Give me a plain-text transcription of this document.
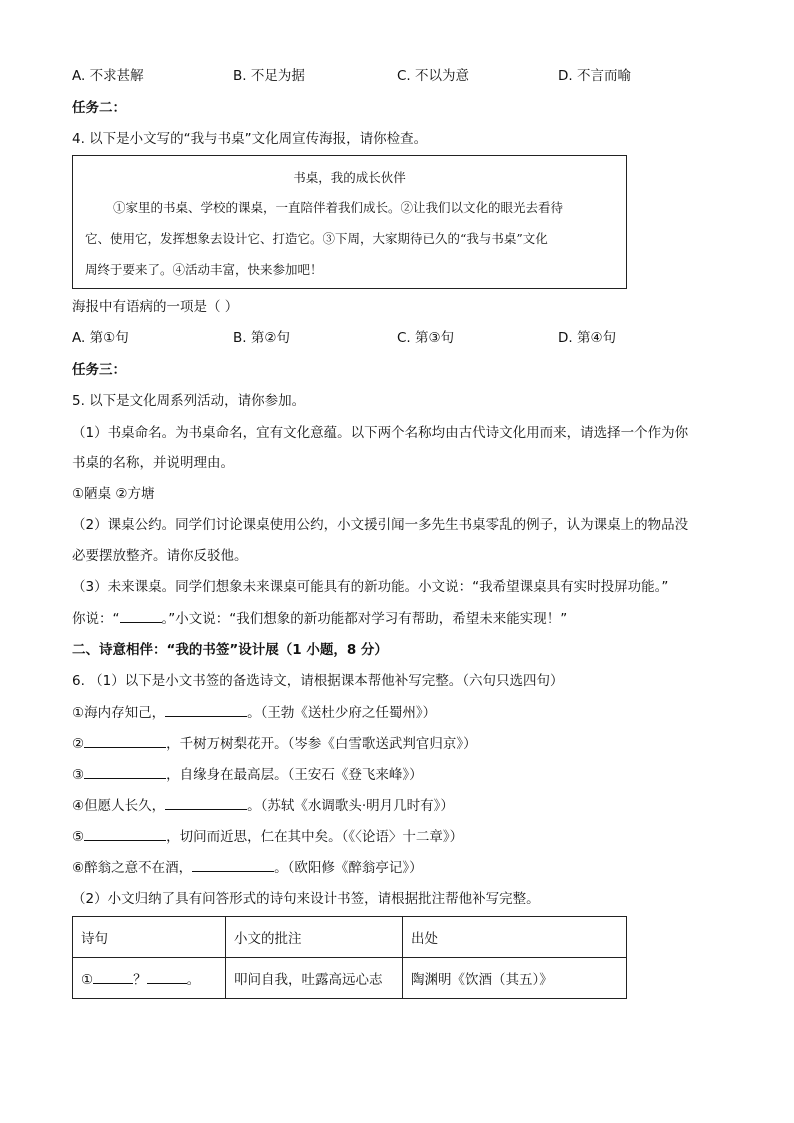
A. 不求甚解	B. 不足为据	C. 不以为意	D. 不言而喻
任务二：
4. 以下是小文写的“我与书桌”文化周宣传海报，请你检查。
书桌，我的成长伙伴
①家里的书桌、学校的课桌，一直陪伴着我们成长。②让我们以文化的眼光去看待
它、使用它，发挥想象去设计它、打造它。③下周，大家期待已久的“我与书桌”文化
周终于要来了。④活动丰富，快来参加吧！
海报中有语病的一项是（ ）
A. 第①句	B. 第②句	C. 第③句	D. 第④句
任务三：
5. 以下是文化周系列活动，请你参加。
（1）书桌命名。为书桌命名，宜有文化意蕴。以下两个名称均由古代诗文化用而来，请选择一个作为你
书桌的名称，并说明理由。
①陋桌 ②方塘
（2）课桌公约。同学们讨论课桌使用公约，小文援引闻一多先生书桌零乱的例子，认为课桌上的物品没
必要摆放整齐。请你反驳他。
（3）未来课桌。同学们想象未来课桌可能具有的新功能。小文说：“我希望课桌具有实时投屏功能。”
你说：“	。”小文说：“我们想象的新功能都对学习有帮助，希望未来能实现！”
二、诗意相伴：“我的书签”设计展（1 小题，8 分）
6. （1）以下是小文书签的备选诗文，请根据课本帮他补写完整。（六句只选四句）
①海内存知己，	。（王勃《送杜少府之任蜀州》）
②	，千树万树梨花开。（岑参《白雪歌送武判官归京》）
③	，自缘身在最高层。（王安石《登飞来峰》）
④但愿人长久，	。（苏轼《水调歌头·明月几时有》）
⑤	，切问而近思，仁在其中矣。（《〈论语〉十二章》）
⑥醉翁之意不在酒，	。（欧阳修《醉翁亭记》）
（2）小文归纳了具有问答形式的诗句来设计书签，请根据批注帮他补写完整。
诗句	小文的批注	出处
① ？ 。	叩问自我，吐露高远心志	陶渊明《饮酒（其五）》
